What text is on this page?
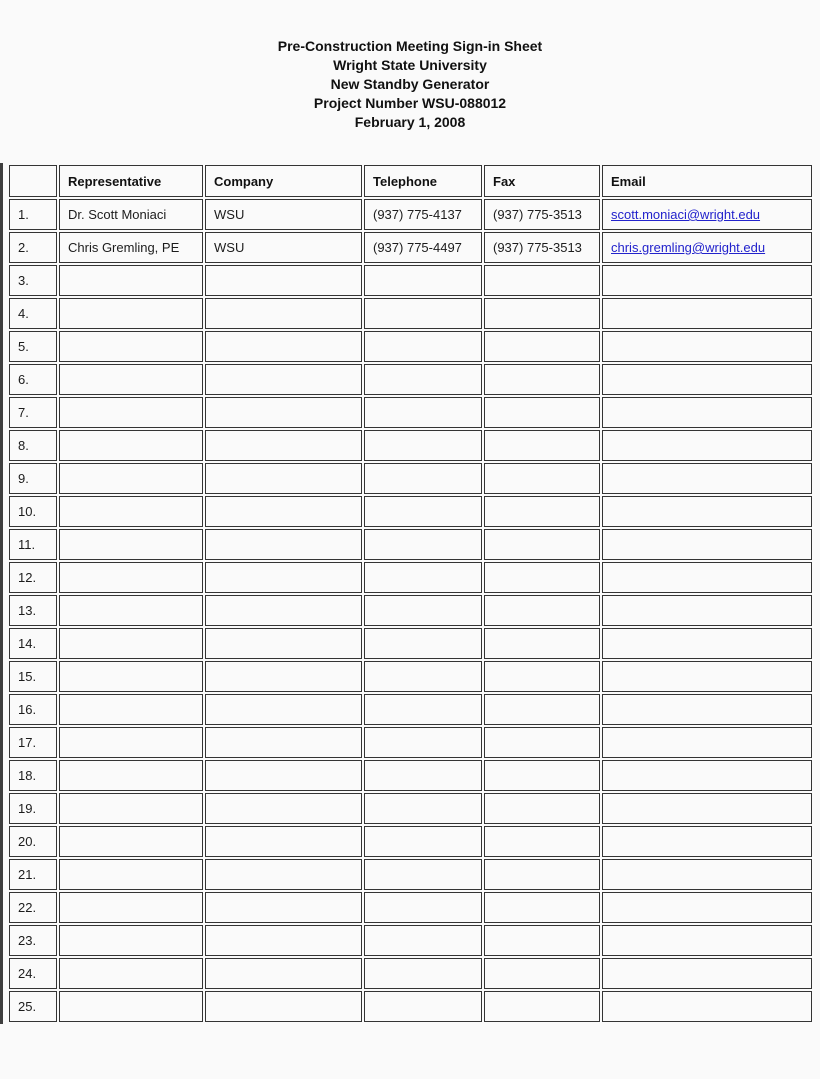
Pre-Construction Meeting Sign-in Sheet
Wright State University
New Standby Generator
Project Number WSU-088012
February 1, 2008
	Representative	Company	Telephone	Fax	Email
1.	Dr. Scott Moniaci	WSU	(937) 775-4137	(937) 775-3513	scott.moniaci@wright.edu
2.	Chris Gremling, PE	WSU	(937) 775-4497	(937) 775-3513	chris.gremling@wright.edu
3.					
4.					
5.					
6.					
7.					
8.					
9.					
10.					
11.					
12.					
13.					
14.					
15.					
16.					
17.					
18.					
19.					
20.					
21.					
22.					
23.					
24.					
25.					
